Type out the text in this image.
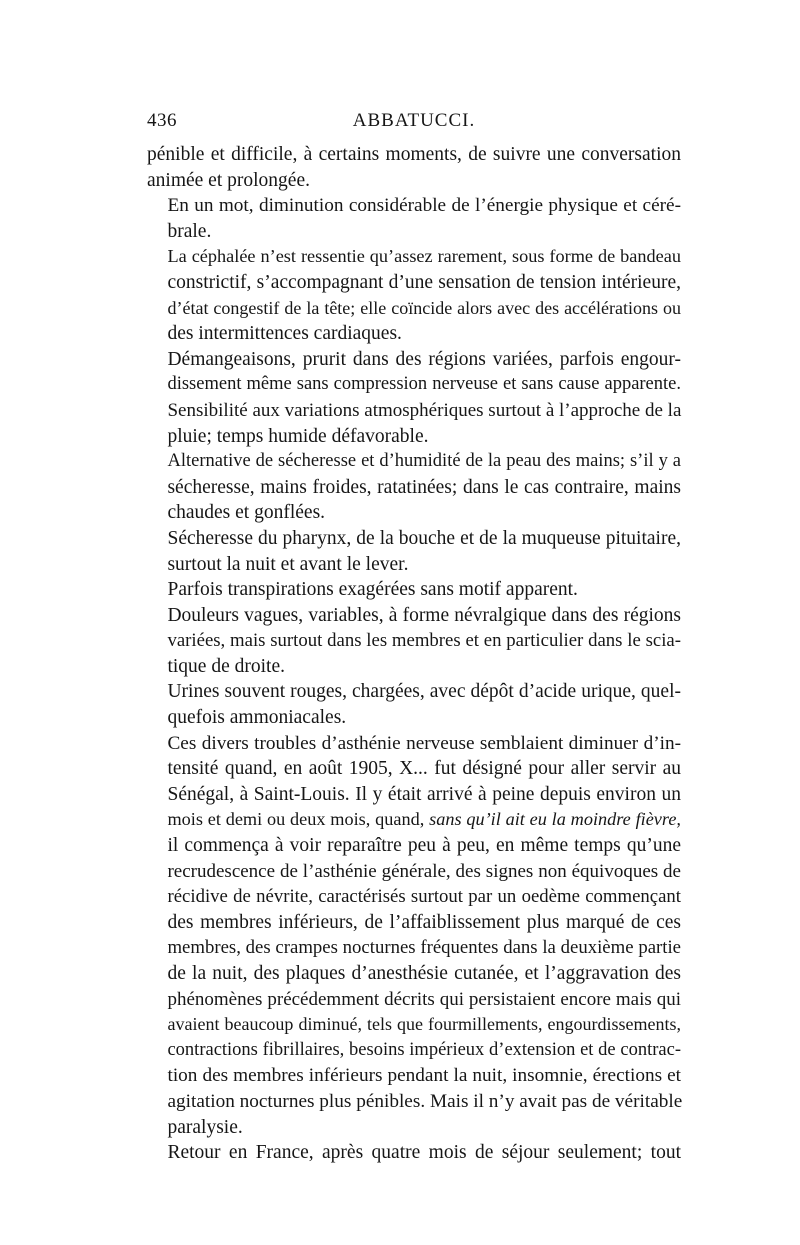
436	ABBATUCCI.

pénible et difficile, à certains moments, de suivre une conversation
animée et prolongée.

En un mot, diminution considérable de l’énergie physique et céré-
brale.

La céphalée n’est ressentie qu’assez rarement, sous forme de bandeau
constrictif, s’accompagnant d’une sensation de tension intérieure,
d’état congestif de la tête; elle coïncide alors avec des accélérations ou
des intermittences cardiaques.

Démangeaisons, prurit dans des régions variées, parfois engour-
dissement même sans compression nerveuse et sans cause apparente.
Sensibilité aux variations atmosphériques surtout à l’approche de la
pluie; temps humide défavorable.

Alternative de sécheresse et d’humidité de la peau des mains; s’il y a
sécheresse, mains froides, ratatinées; dans le cas contraire, mains
chaudes et gonflées.

Sécheresse du pharynx, de la bouche et de la muqueuse pituitaire,
surtout la nuit et avant le lever.

Parfois transpirations exagérées sans motif apparent.

Douleurs vagues, variables, à forme névralgique dans des régions
variées, mais surtout dans les membres et en particulier dans le scia-
tique de droite.

Urines souvent rouges, chargées, avec dépôt d’acide urique, quel-
quefois ammoniacales.

Ces divers troubles d’asthénie nerveuse semblaient diminuer d’in-
tensité quand, en août 1905, X... fut désigné pour aller servir au
Sénégal, à Saint-Louis. Il y était arrivé à peine depuis environ un
mois et demi ou deux mois, quand, sans qu’il ait eu la moindre fièvre,
il commença à voir reparaître peu à peu, en même temps qu’une
recrudescence de l’asthénie générale, des signes non équivoques de
récidive de névrite, caractérisés surtout par un oedème commençant
des membres inférieurs, de l’affaiblissement plus marqué de ces
membres, des crampes nocturnes fréquentes dans la deuxième partie
de la nuit, des plaques d’anesthésie cutanée, et l’aggravation des
phénomènes précédemment décrits qui persistaient encore mais qui
avaient beaucoup diminué, tels que fourmillements, engourdissements,
contractions fibrillaires, besoins impérieux d’extension et de contrac-
tion des membres inférieurs pendant la nuit, insomnie, érections et
agitation nocturnes plus pénibles. Mais il n’y avait pas de véritable
paralysie.

Retour en France, après quatre mois de séjour seulement; tout
